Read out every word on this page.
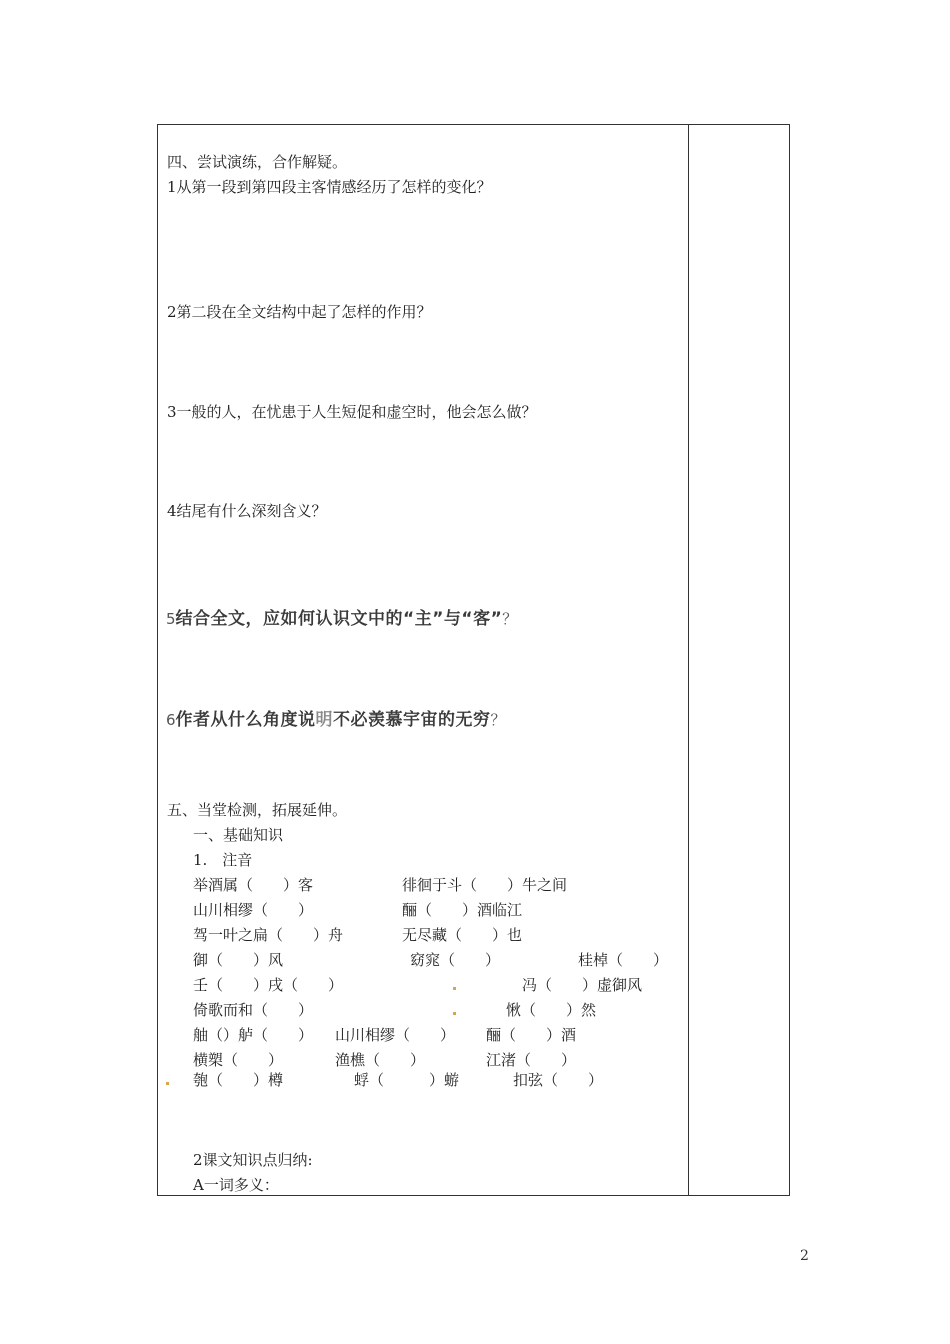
四、尝试演练，合作解疑。
1从第一段到第四段主客情感经历了怎样的变化？
2第二段在全文结构中起了怎样的作用？
3一般的人，在忧患于人生短促和虚空时，他会怎么做？
4结尾有什么深刻含义？
5结合全文，应如何认识文中的“主”与“客”？
6作者从什么角度说明不必羡慕宇宙的无穷？
五、当堂检测，拓展延伸。
一、基础知识
1.　注音
举酒属（　　）客	徘徊于斗（　　）牛之间
山川相缪（　　）	酾（　　）酒临江
驾一叶之扁（　　）舟	无尽藏（　　）也
御（　　）风	窈窕（　　）	桂棹（　　）
壬（　　）戌（　　）	冯（　　）虚御风
倚歌而和（　　）	愀（　　）然
舳（）舻（　　） 山川相缪（　　） 酾（　　）酒
横槊（　　）	渔樵（　　）	江渚（　　）
匏（　　）樽	蜉（　　　）蝣	扣弦（　　）
2课文知识点归纳:
A一词多义：
2
